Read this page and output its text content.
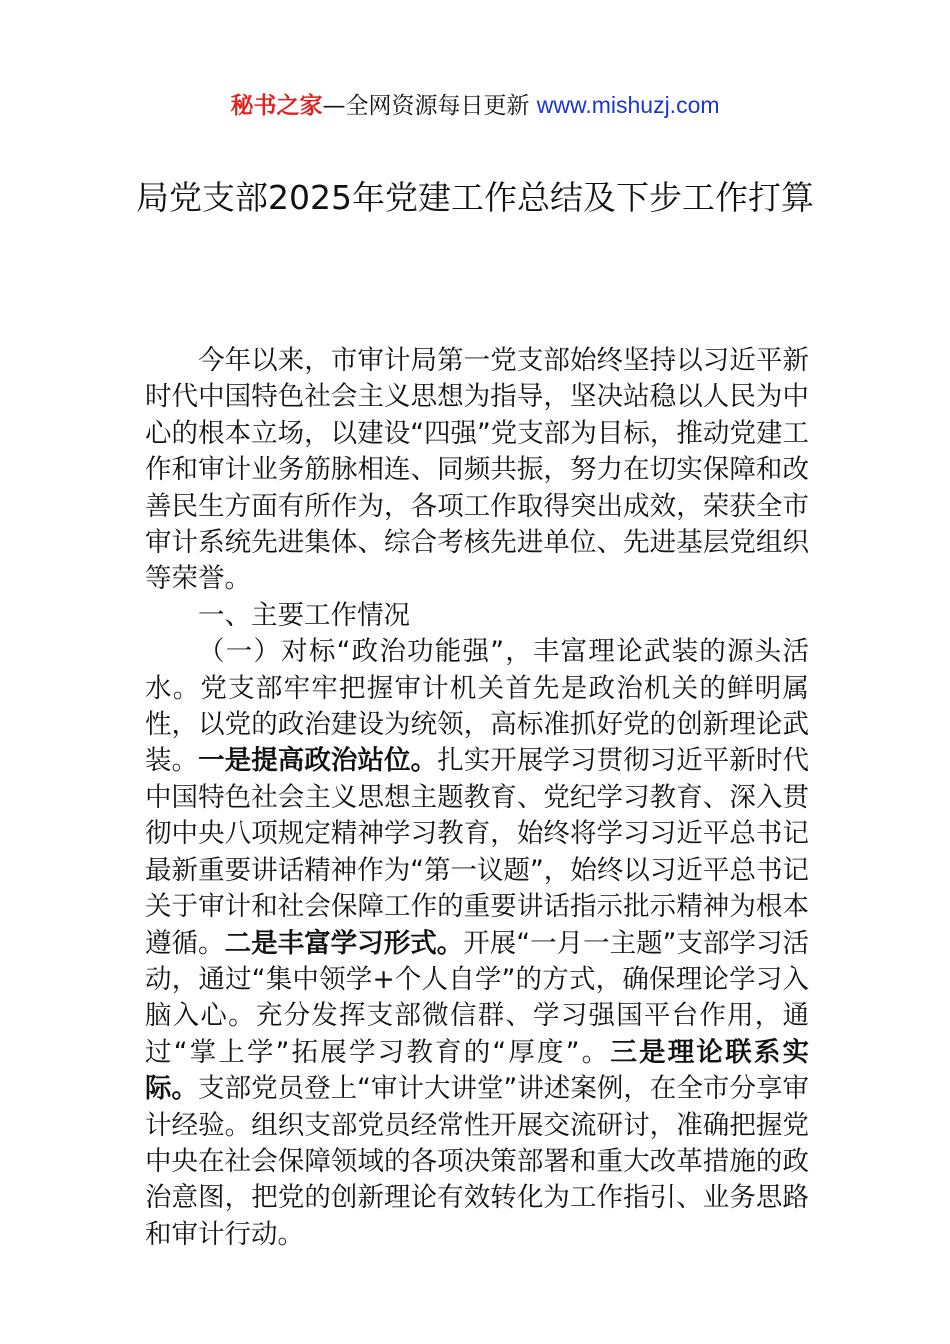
秘书之家—全网资源每日更新 www.mishuzj.com
局党支部2025年党建工作总结及下步工作打算

今年以来，市审计局第一党支部始终坚持以习近平新时代中国特色社会主义思想为指导，坚决站稳以人民为中心的根本立场，以建设“四强”党支部为目标，推动党建工作和审计业务筋脉相连、同频共振，努力在切实保障和改善民生方面有所作为，各项工作取得突出成效，荣获全市审计系统先进集体、综合考核先进单位、先进基层党组织等荣誉。

一、主要工作情况

（一）对标“政治功能强”，丰富理论武装的源头活水。党支部牢牢把握审计机关首先是政治机关的鲜明属性，以党的政治建设为统领，高标准抓好党的创新理论武装。一是提高政治站位。扎实开展学习贯彻习近平新时代中国特色社会主义思想主题教育、党纪学习教育、深入贯彻中央八项规定精神学习教育，始终将学习习近平总书记最新重要讲话精神作为“第一议题”，始终以习近平总书记关于审计和社会保障工作的重要讲话指示批示精神为根本遵循。二是丰富学习形式。开展“一月一主题”支部学习活动，通过“集中领学+个人自学”的方式，确保理论学习入脑入心。充分发挥支部微信群、学习强国平台作用，通过“掌上学”拓展学习教育的“厚度”。三是理论联系实际。支部党员登上“审计大讲堂”讲述案例，在全市分享审计经验。组织支部党员经常性开展交流研讨，准确把握党中央在社会保障领域的各项决策部署和重大改革措施的政治意图，把党的创新理论有效转化为工作指引、业务思路和审计行动。
